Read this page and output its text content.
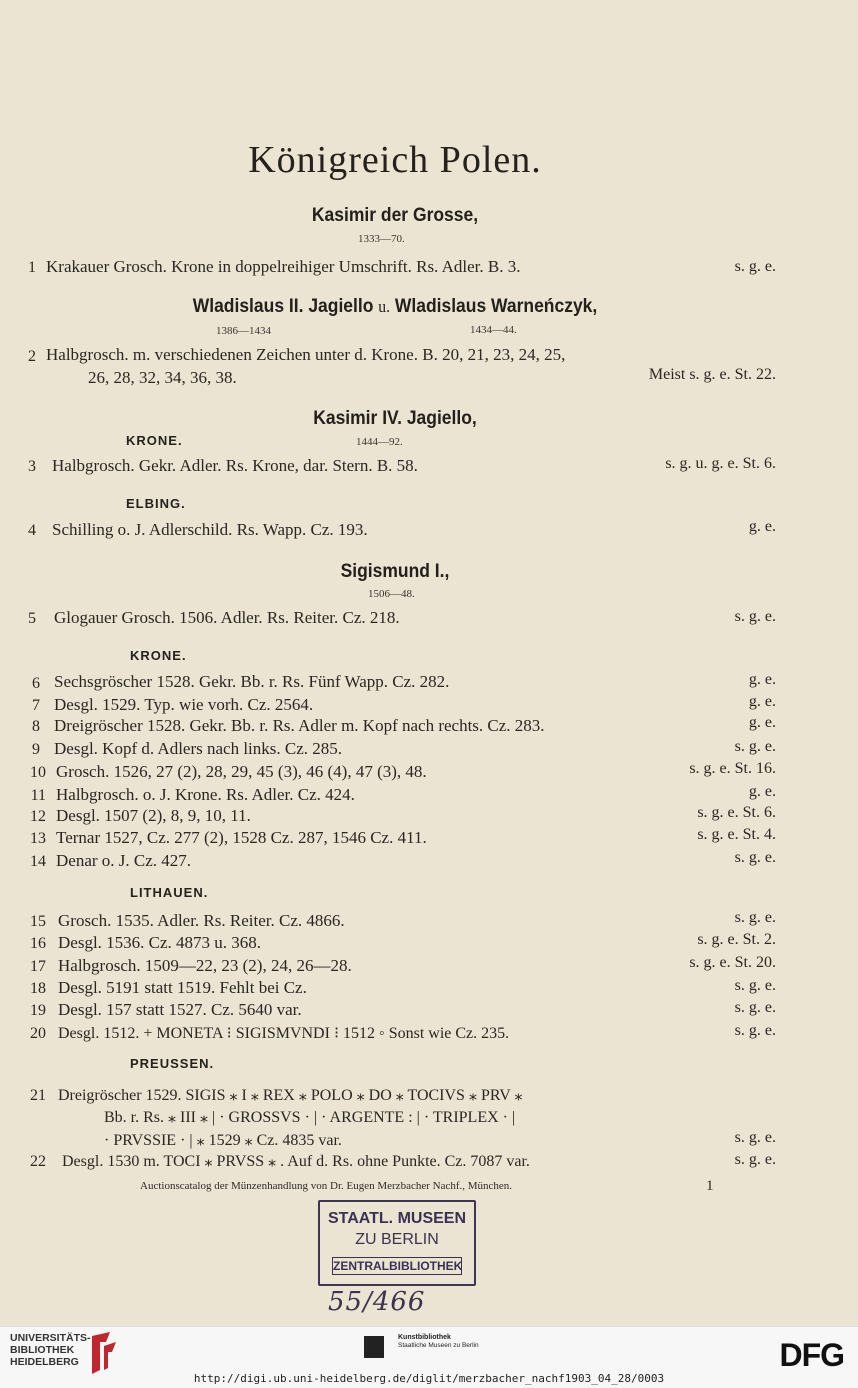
Königreich Polen.
Kasimir der Grosse,
1333—70.
Wladislaus II. Jagiello u. Wladislaus Warneńczyk,
1386—1434	1434—44.
Kasimir IV. Jagiello,
KRONE.	1444—92.
ELBING.
Sigismund I.,
1506—48.
KRONE.
LITHAUEN.
PREUSSEN.
1 Krakauer Grosch. Krone in doppelreihiger Umschrift. Rs. Adler. B. 3.	s. g. e.
2 Halbgrosch. m. verschiedenen Zeichen unter d. Krone. B. 20, 21, 23, 24, 25,
26, 28, 32, 34, 36, 38.	Meist s. g. e. St. 22.
3 Halbgrosch. Gekr. Adler. Rs. Krone, dar. Stern. B. 58.	s. g. u. g. e. St. 6.
4 Schilling o. J. Adlerschild. Rs. Wapp. Cz. 193.	g. e.
5 Glogauer Grosch. 1506. Adler. Rs. Reiter. Cz. 218.	s. g. e.
6 Sechsgröscher 1528. Gekr. Bb. r. Rs. Fünf Wapp. Cz. 282.	g. e.
7 Desgl. 1529. Typ. wie vorh. Cz. 2564.	g. e.
8 Dreigröscher 1528. Gekr. Bb. r. Rs. Adler m. Kopf nach rechts. Cz. 283.	g. e.
9 Desgl. Kopf d. Adlers nach links. Cz. 285.	s. g. e.
10 Grosch. 1526, 27 (2), 28, 29, 45 (3), 46 (4), 47 (3), 48.	s. g. e. St. 16.
11 Halbgrosch. o. J. Krone. Rs. Adler. Cz. 424.	g. e.
12 Desgl. 1507 (2), 8, 9, 10, 11.	s. g. e. St. 6.
13 Ternar 1527, Cz. 277 (2), 1528 Cz. 287, 1546 Cz. 411.	s. g. e. St. 4.
14 Denar o. J. Cz. 427.	s. g. e.
15 Grosch. 1535. Adler. Rs. Reiter. Cz. 4866.	s. g. e.
16 Desgl. 1536. Cz. 4873 u. 368.	s. g. e. St. 2.
17 Halbgrosch. 1509—22, 23 (2), 24, 26—28.	s. g. e. St. 20.
18 Desgl. 5191 statt 1519. Fehlt bei Cz.	s. g. e.
19 Desgl. 157 statt 1527. Cz. 5640 var.	s. g. e.
20 Desgl. 1512. + MONETA ⁝ SIGISMVNDI ⁝ 1512 ◦ Sonst wie Cz. 235.	s. g. e.
21 Dreigröscher 1529. SIGIS ⁎ I ⁎ REX ⁎ POLO ⁎ DO ⁎ TOCIVS ⁎ PRV ⁎
Bb. r. Rs. ⁎ III ⁎ | · GROSSVS · | · ARGENTE : | · TRIPLEX · |
· PRVSSIE · | ⁎ 1529 ⁎ Cz. 4835 var.	s. g. e.
22 Desgl. 1530 m. TOCI ⁎ PRVSS ⁎ . Auf d. Rs. ohne Punkte. Cz. 7087 var.	s. g. e.
Auctionscatalog der Münzenhandlung von Dr. Eugen Merzbacher Nachf., München.	1
STAATL. MUSEEN
ZU BERLIN
ZENTRALBIBLIOTHEK
55/466
UNIVERSITÄTS-
BIBLIOTHEK
HEIDELBERG
Kunstbibliothek
Staatliche Museen zu Berlin	DFG
http://digi.ub.uni-heidelberg.de/diglit/merzbacher_nachf1903_04_28/0003
